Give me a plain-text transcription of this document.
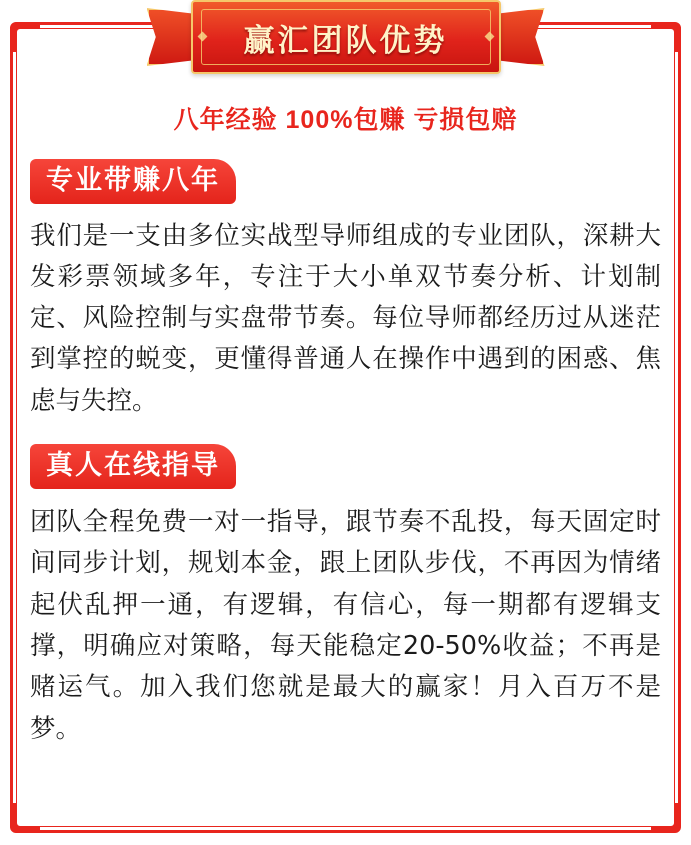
赢汇团队优势
八年经验 100%包赚 亏损包赔
专业带赚八年
我们是一支由多位实战型导师组成的专业团队，深耕大发彩票领域多年，专注于大小单双节奏分析、计划制定、风险控制与实盘带节奏。每位导师都经历过从迷茫到掌控的蜕变，更懂得普通人在操作中遇到的困惑、焦虑与失控。
真人在线指导
团队全程免费一对一指导，跟节奏不乱投，每天固定时间同步计划，规划本金，跟上团队步伐，不再因为情绪起伏乱押一通，有逻辑，有信心，每一期都有逻辑支撑，明确应对策略，每天能稳定20-50%收益；不再是赌运气。加入我们您就是最大的赢家！月入百万不是梦。
